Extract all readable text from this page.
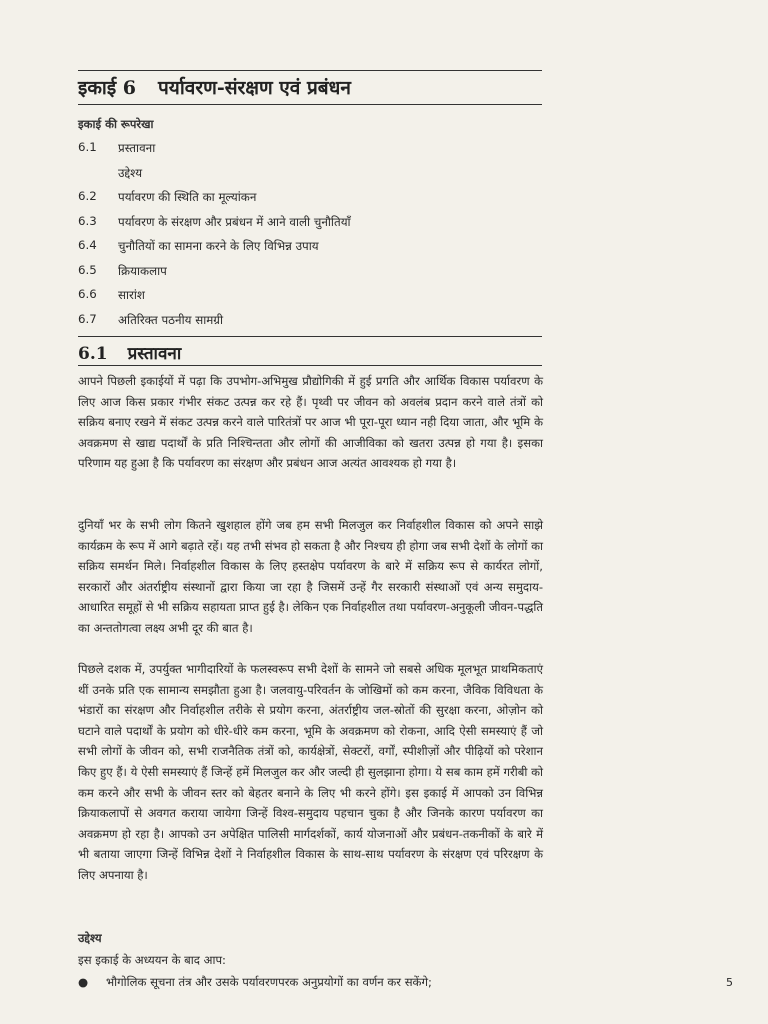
इकाई 6 पर्यावरण-संरक्षण एवं प्रबंधन
इकाई की रूपरेखा
6.1	प्रस्तावना
उद्देश्य
6.2	पर्यावरण की स्थिति का मूल्यांकन
6.3	पर्यावरण के संरक्षण और प्रबंधन में आने वाली चुनौतियाँ
6.4	चुनौतियों का सामना करने के लिए विभिन्न उपाय
6.5	क्रियाकलाप
6.6	सारांश
6.7	अतिरिक्त पठनीय सामग्री
6.1 प्रस्तावना

आपने पिछली इकाईयों में पढ़ा कि उपभोग-अभिमुख प्रौद्योगिकी में हुई प्रगति और आर्थिक विकास पर्यावरण के लिए आज किस प्रकार गंभीर संकट उत्पन्न कर रहे हैं। पृथ्वी पर जीवन को अवलंब प्रदान करने वाले तंत्रों को सक्रिय बनाए रखने में संकट उत्पन्न करने वाले पारितंत्रों पर आज भी पूरा-पूरा ध्यान नही दिया जाता, और भूमि के अवक्रमण से खाद्य पदार्थों के प्रति निश्चिन्तता और लोगों की आजीविका को खतरा उत्पन्न हो गया है। इसका परिणाम यह हुआ है कि पर्यावरण का संरक्षण और प्रबंधन आज अत्यंत आवश्यक हो गया है।

दुनियाँ भर के सभी लोग कितने खुशहाल होंगे जब हम सभी मिलजुल कर निर्वाहशील विकास को अपने साझे कार्यक्रम के रूप में आगे बढ़ाते रहें। यह तभी संभव हो सकता है और निश्चय ही होगा जब सभी देशों के लोगों का सक्रिय समर्थन मिले। निर्वाहशील विकास के लिए हस्तक्षेप पर्यावरण के बारे में सक्रिय रूप से कार्यरत लोगों, सरकारों और अंतर्राष्ट्रीय संस्थानों द्वारा किया जा रहा है जिसमें उन्हें गैर सरकारी संस्थाओं एवं अन्य समुदाय-आधारित समूहों से भी सक्रिय सहायता प्राप्त हुई है। लेकिन एक निर्वाहशील तथा पर्यावरण-अनुकूली जीवन-पद्धति का अन्ततोगत्वा लक्ष्य अभी दूर की बात है।

पिछले दशक में, उपर्युक्त भागीदारियों के फलस्वरूप सभी देशों के सामने जो सबसे अधिक मूलभूत प्राथमिकताएं थीं उनके प्रति एक सामान्य समझौता हुआ है। जलवायु-परिवर्तन के जोखिमों को कम करना, जैविक विविधता के भंडारों का संरक्षण और निर्वाहशील तरीके से प्रयोग करना, अंतर्राष्ट्रीय जल-स्रोतों की सुरक्षा करना, ओज़ोन को घटाने वाले पदार्थों के प्रयोग को धीरे-धीरे कम करना, भूमि के अवक्रमण को रोकना, आदि ऐसी समस्याएं हैं जो सभी लोगों के जीवन को, सभी राजनैतिक तंत्रों को, कार्यक्षेत्रों, सेक्टरों, वर्गों, स्पीशीज़ों और पीढ़ियों को परेशान किए हुए हैं। ये ऐसी समस्याएं हैं जिन्हें हमें मिलजुल कर और जल्दी ही सुलझाना होगा। ये सब काम हमें गरीबी को कम करने और सभी के जीवन स्तर को बेहतर बनाने के लिए भी करने होंगे। इस इकाई में आपको उन विभिन्न क्रियाकलापों से अवगत कराया जायेगा जिन्हें विश्व-समुदाय पहचान चुका है और जिनके कारण पर्यावरण का अवक्रमण हो रहा है। आपको उन अपेक्षित पालिसी मार्गदर्शकों, कार्य योजनाओं और प्रबंधन-तकनीकों के बारे में भी बताया जाएगा जिन्हें विभिन्न देशों ने निर्वाहशील विकास के साथ-साथ पर्यावरण के संरक्षण एवं परिरक्षण के लिए अपनाया है।

उद्देश्य
इस इकाई के अध्ययन के बाद आप:
●	भौगोलिक सूचना तंत्र और उसके पर्यावरणपरक अनुप्रयोगों का वर्णन कर सकेंगे;	5
